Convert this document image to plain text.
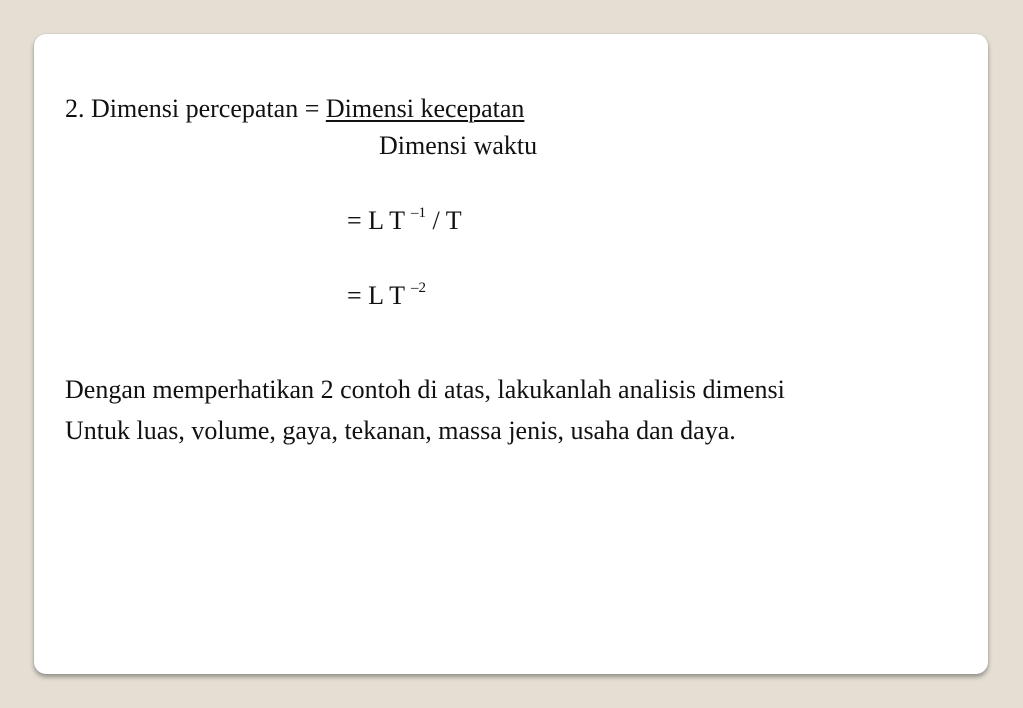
2. Dimensi percepatan = Dimensi kecepatan
Dimensi waktu
= L T $^{-1}$ / T
= L T $^{-2}$
Dengan memperhatikan 2 contoh di atas, lakukanlah analisis dimensi
Untuk luas, volume, gaya, tekanan, massa jenis, usaha dan daya.
